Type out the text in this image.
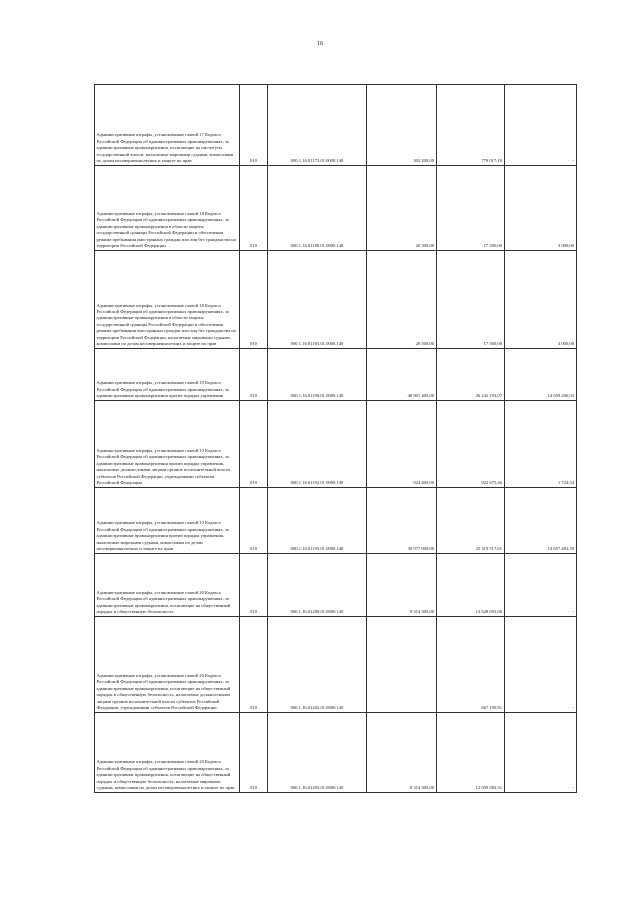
16
Административные штрафы, установленные главой 17 Кодекса Российской Федерации об административных правонарушениях, за административные правонарушения, посягающие на институты государственной власти, налагаемые мировыми судьями, комиссиями по делам несовершеннолетних и защите их прав	010	000.1.16.01173.01.0000.140	302 200,00	779 017,18	-
Административные штрафы, установленные главой 18 Кодекса Российской Федерации об административных правонарушениях, за административные правонарушения в области защиты государственной границы Российской Федерации и обеспечения режима пребывания иностранных граждан или лиц без гражданства на территории Российской Федерации	010	000.1.16.01180.01.0000.140	20 500,00	17 500,00	3 000,00
Административные штрафы, установленные главой 18 Кодекса Российской Федерации об административных правонарушениях, за административные правонарушения в области защиты государственной границы Российской Федерации и обеспечения режима пребывания иностранных граждан или лиц без гражданства на территории Российской Федерации, налагаемые мировыми судьями, комиссиями по делам несовершеннолетних и защите их прав	010	000.1.16.01183.01.0000.140	20 500,00	17 500,00	3 000,00
Административные штрафы, установленные главой 19 Кодекса Российской Федерации об административных правонарушениях, за административные правонарушения против порядка управления	010	000.1.16.01190.01.0000.140	40 901 400,00	26 242 193,07	14 659 206,93
Административные штрафы, установленные главой 19 Кодекса Российской Федерации об административных правонарушениях, за административные правонарушения против порядка управления, налагаемые должностными лицами органов исполнительной власти субъектов Российской Федерации, учреждениями субъектов Российской Федерации	010	000.1.16.01192.01.0000.140	924 400,00	922 675,46	1 724,54
Административные штрафы, установленные главой 19 Кодекса Российской Федерации об административных правонарушениях, за административные правонарушения против порядка управления, налагаемые мировыми судьями, комиссиями по делам несовершеннолетних и защите их прав	010	000.1.16.01193.01.0000.140	39 977 000,00	25 319 517,61	14 657 482,39
Административные штрафы, установленные главой 20 Кодекса Российской Федерации об административных правонарушениях, за административные правонарушения, посягающие на общественный порядок и общественную безопасность	010	000.1.16.01200.01.0000.140	9 314 300,00	13 628 693,06	-
Административные штрафы, установленные главой 20 Кодекса Российской Федерации об административных правонарушениях, за административные правонарушения, посягающие на общественный порядок и общественную безопасность, налагаемые должностными лицами органов исполнительной власти субъектов Российской Федерации, учреждениями субъектов Российской Федерации	010	000.1.16.01202.01.0000.140		667 190,91	-
Административные штрафы, установленные главой 20 Кодекса Российской Федерации об административных правонарушениях, за административные правонарушения, посягающие на общественный порядок и общественную безопасность, налагаемые мировыми судьями, комиссиями по делам несовершеннолетних и защите их прав	010	000.1.16.01203.01.0000.140	8 314 300,00	12 059 582,31	-
